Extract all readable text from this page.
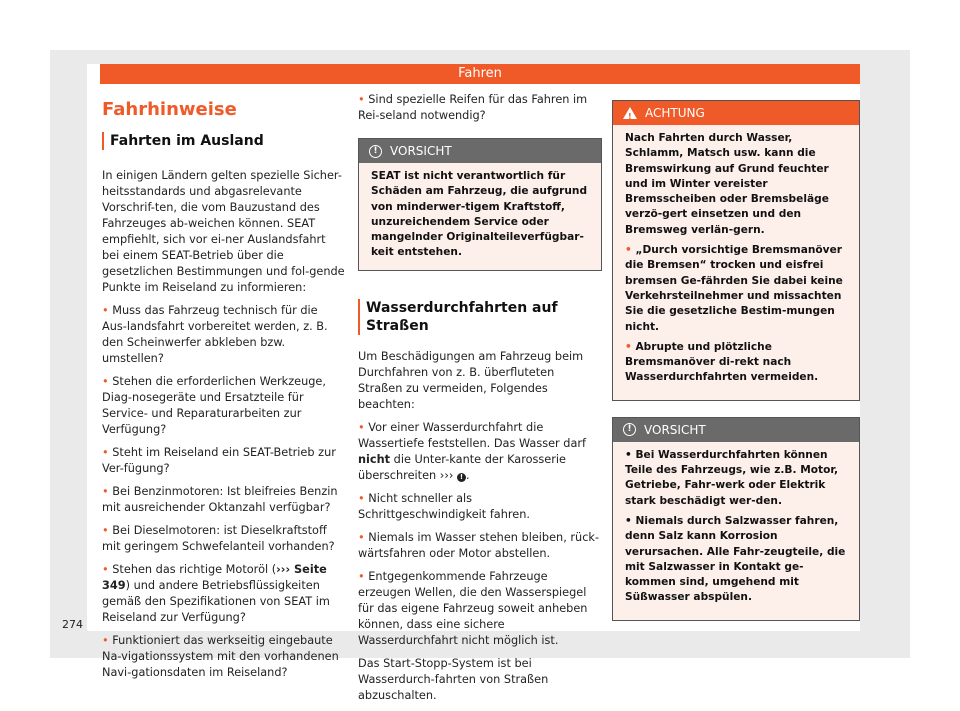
Fahren
Fahrhinweise
Fahrten im Ausland

In einigen Ländern gelten spezielle Sicher-heitsstandards und abgasrelevante Vorschrif-ten, die vom Bauzustand des Fahrzeuges ab-weichen können. SEAT empfiehlt, sich vor ei-ner Auslandsfahrt bei einem SEAT-Betrieb über die gesetzlichen Bestimmungen und fol-gende Punkte im Reiseland zu informieren:

• Muss das Fahrzeug technisch für die Aus-landsfahrt vorbereitet werden, z. B. den Scheinwerfer abkleben bzw. umstellen?

• Stehen die erforderlichen Werkzeuge, Diag-nosegeräte und Ersatzteile für Service- und Reparaturarbeiten zur Verfügung?

• Steht im Reiseland ein SEAT-Betrieb zur Ver-fügung?

• Bei Benzinmotoren: Ist bleifreies Benzin mit ausreichender Oktanzahl verfügbar?

• Bei Dieselmotoren: ist Dieselkraftstoff mit geringem Schwefelanteil vorhanden?

• Stehen das richtige Motoröl (››› Seite 349) und andere Betriebsflüssigkeiten gemäß den Spezifikationen von SEAT im Reiseland zur Verfügung?

• Funktioniert das werkseitig eingebaute Na-vigationssystem mit den vorhandenen Navi-gationsdaten im Reiseland?

• Sind spezielle Reifen für das Fahren im Rei-seland notwendig?

!	VORSICHT
SEAT ist nicht verantwortlich für Schäden am Fahrzeug, die aufgrund von minderwer-tigem Kraftstoff, unzureichendem Service oder mangelnder Originalteileverfügbar-keit entstehen.
Wasserdurchfahrten auf Straßen

Um Beschädigungen am Fahrzeug beim Durchfahren von z. B. überfluteten Straßen zu vermeiden, Folgendes beachten:

• Vor einer Wasserdurchfahrt die Wassertiefe feststellen. Das Wasser darf nicht die Unter-kante der Karosserie überschreiten ››› ! .

• Nicht schneller als Schrittgeschwindigkeit fahren.

• Niemals im Wasser stehen bleiben, rück-wärtsfahren oder Motor abstellen.

• Entgegenkommende Fahrzeuge erzeugen Wellen, die den Wasserspiegel für das eigene Fahrzeug soweit anheben können, dass eine sichere Wasserdurchfahrt nicht möglich ist.

Das Start-Stopp-System ist bei Wasserdurch-fahrten von Straßen abzuschalten.

! ACHTUNG

Nach Fahrten durch Wasser, Schlamm, Matsch usw. kann die Bremswirkung auf Grund feuchter und im Winter vereister Bremsscheiben oder Bremsbeläge verzö-gert einsetzen und den Bremsweg verlän-gern.

• „Durch vorsichtige Bremsmanöver die Bremsen“ trocken und eisfrei bremsen Ge-fährden Sie dabei keine Verkehrsteilnehmer und missachten Sie die gesetzliche Bestim-mungen nicht.

• Abrupte und plötzliche Bremsmanöver di-rekt nach Wasserdurchfahrten vermeiden.

!	VORSICHT

• Bei Wasserdurchfahrten können Teile des Fahrzeugs, wie z.B. Motor, Getriebe, Fahr-werk oder Elektrik stark beschädigt wer-den.

• Niemals durch Salzwasser fahren, denn Salz kann Korrosion verursachen. Alle Fahr-zeugteile, die mit Salzwasser in Kontakt ge-kommen sind, umgehend mit Süßwasser abspülen.

274
